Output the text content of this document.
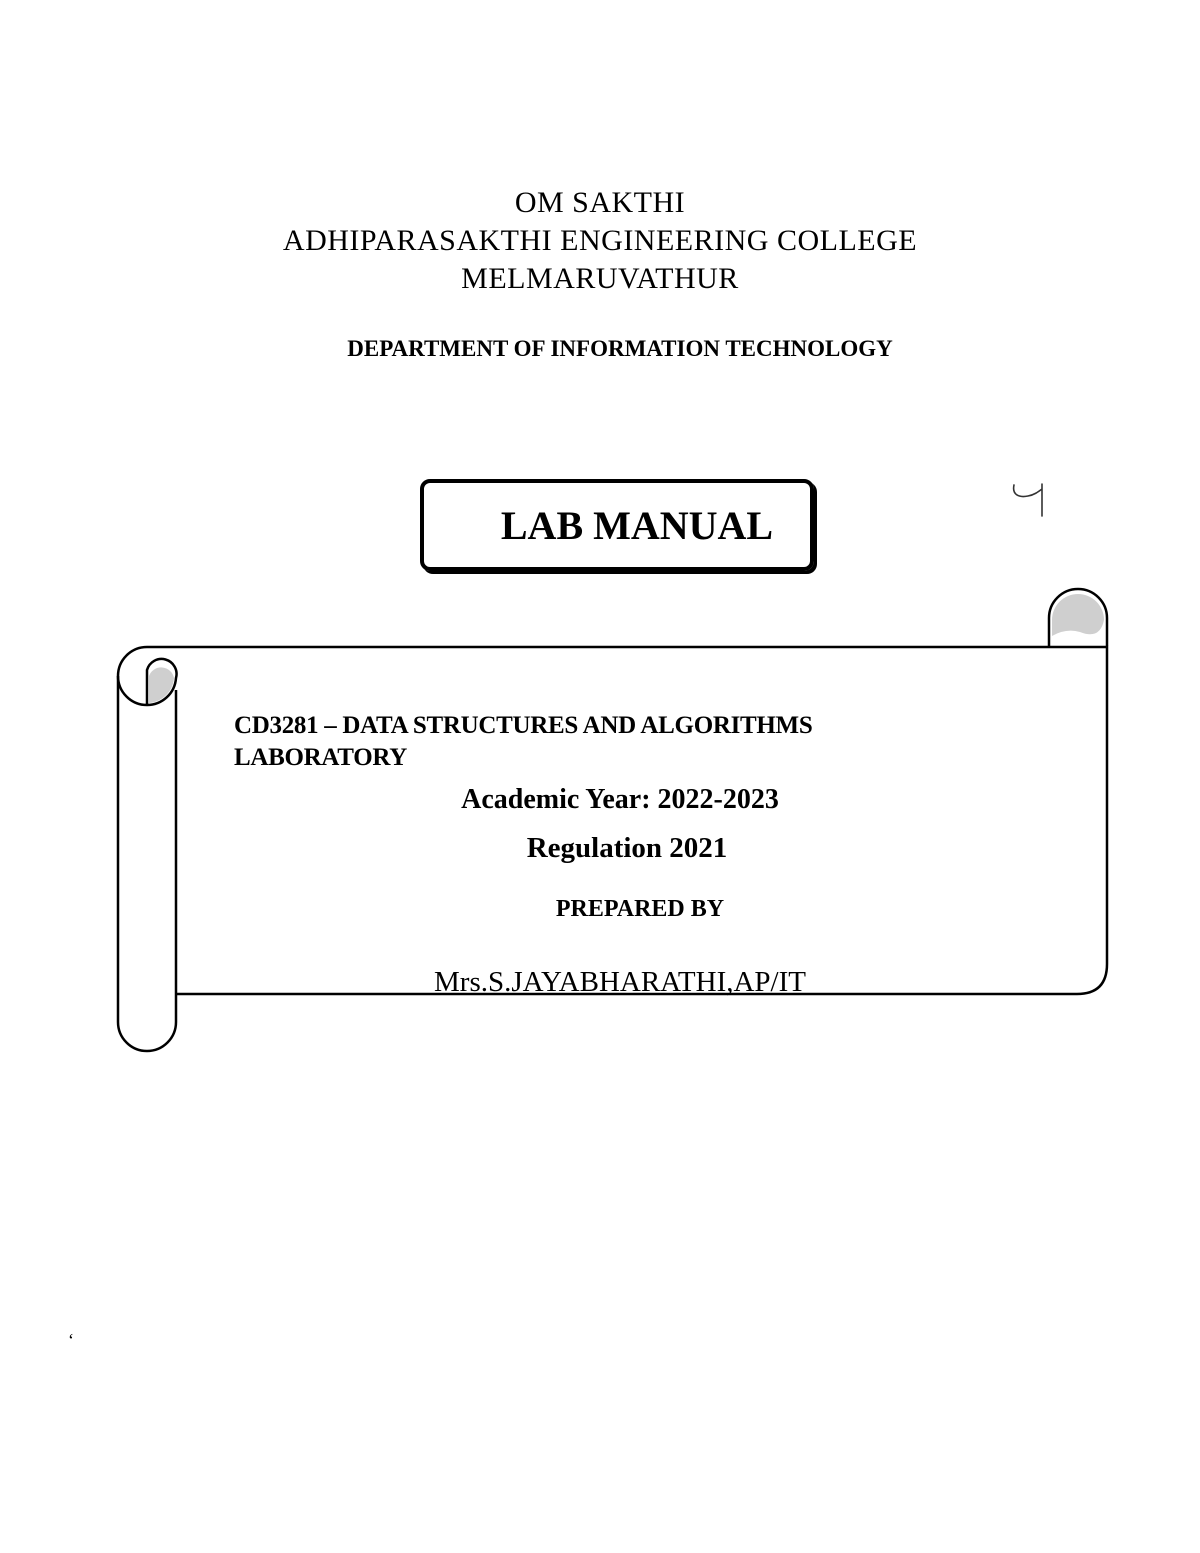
OM SAKTHI
ADHIPARASAKTHI ENGINEERING COLLEGE
MELMARUVATHUR
DEPARTMENT OF INFORMATION TECHNOLOGY
LAB MANUAL
CD3281 – DATA STRUCTURES AND ALGORITHMS LABORATORY
Academic Year: 2022-2023
Regulation 2021
PREPARED BY
Mrs.S.JAYABHARATHI,AP/IT
‘
